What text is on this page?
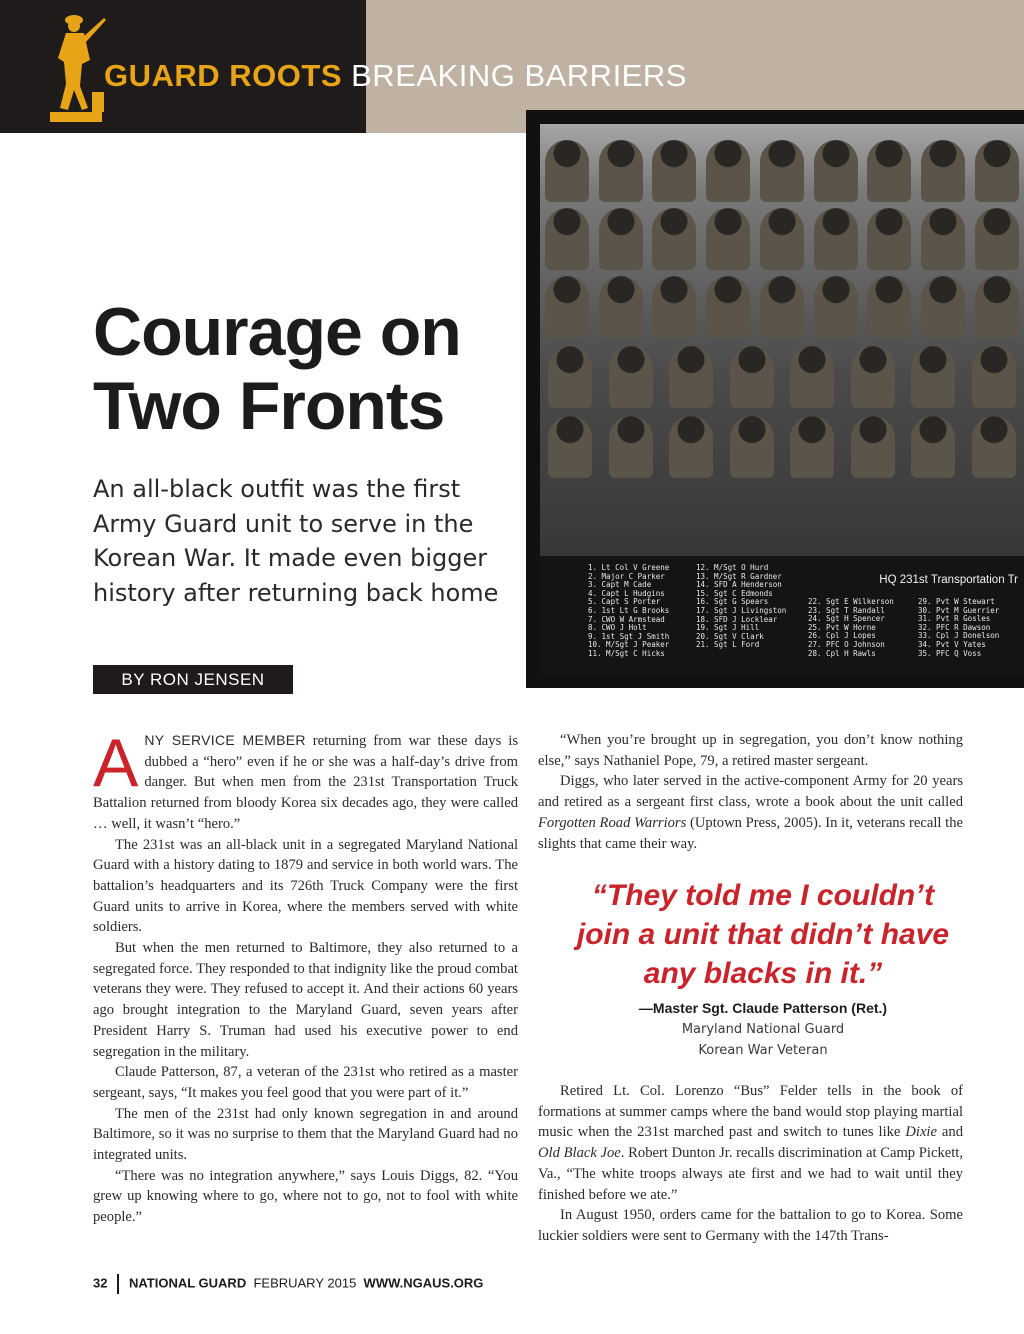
GUARD ROOTS BREAKING BARRIERS
1. Lt Col V Greene
2. Major C Parker
3. Capt M Cade
4. Capt L Hudgins
5. Capt S Porter
6. 1st Lt G Brooks
7. CWO W Armstead
8. CWO J Holt
9. 1st Sgt J Smith
10. M/Sgt J Peaker
11. M/Sgt C Hicks
12. M/Sgt O Hurd
13. M/Sgt R Gardner
14. SFD A Henderson
15. Sgt C Edmonds
16. Sgt G Spears
17. Sgt J Livingston
18. SFD J Locklear
19. Sgt J Hill
20. Sgt V Clark
21. Sgt L Ford
22. Sgt E Wilkerson
23. Sgt T Randall
24. Sgt H Spencer
25. Pvt W Horne
26. Cpl J Lopes
27. PFC O Johnson
28. Cpl H Rawls
29. Pvt W Stewart
30. Pvt M Guerrier
31. Pvt R Gosles
32. PFC R Dawson
33. Cpl J Donelson
34. Pvt V Yates
35. PFC Q Voss
HQ 231st Transportation Tr
Courage on
Two Fronts
An all-black outfit was the first Army Guard unit to serve in the Korean War. It made even bigger history after returning back home
BY RON JENSEN

ANY SERVICE MEMBER returning from war these days is dubbed a “hero” even if he or she was a half-day’s drive from danger. But when men from the 231st Transportation Truck Battalion returned from bloody Korea six decades ago, they were called … well, it wasn’t “hero.”

The 231st was an all-black unit in a segregated Maryland National Guard with a history dating to 1879 and service in both world wars. The battalion’s headquarters and its 726th Truck Company were the first Guard units to arrive in Korea, where the members served with white soldiers.

But when the men returned to Baltimore, they also returned to a segregated force. They responded to that indignity like the proud combat veterans they were. They refused to accept it. And their actions 60 years ago brought integration to the Maryland Guard, seven years after President Harry S. Truman had used his executive power to end segregation in the military.

Claude Patterson, 87, a veteran of the 231st who retired as a master sergeant, says, “It makes you feel good that you were part of it.”

The men of the 231st had only known segregation in and around Baltimore, so it was no surprise to them that the Maryland Guard had no integrated units.

“There was no integration anywhere,” says Louis Diggs, 82. “You grew up knowing where to go, where not to go, not to fool with white people.”

“When you’re brought up in segregation, you don’t know nothing else,” says Nathaniel Pope, 79, a retired master sergeant.

Diggs, who later served in the active-component Army for 20 years and retired as a sergeant first class, wrote a book about the unit called Forgotten Road Warriors (Uptown Press, 2005). In it, veterans recall the slights that came their way.

“They told me I couldn’t
join a unit that didn’t have
any blacks in it.”
—Master Sgt. Claude Patterson (Ret.)
Maryland National Guard
Korean War Veteran

Retired Lt. Col. Lorenzo “Bus” Felder tells in the book of formations at summer camps where the band would stop playing martial music when the 231st marched past and switch to tunes like Dixie and Old Black Joe. Robert Dunton Jr. recalls discrimination at Camp Pickett, Va., “The white troops always ate first and we had to wait until they finished before we ate.”

In August 1950, orders came for the battalion to go to Korea. Some luckier soldiers were sent to Germany with the 147th Trans-

32 NATIONAL GUARD FEBRUARY 2015 WWW.NGAUS.ORG
